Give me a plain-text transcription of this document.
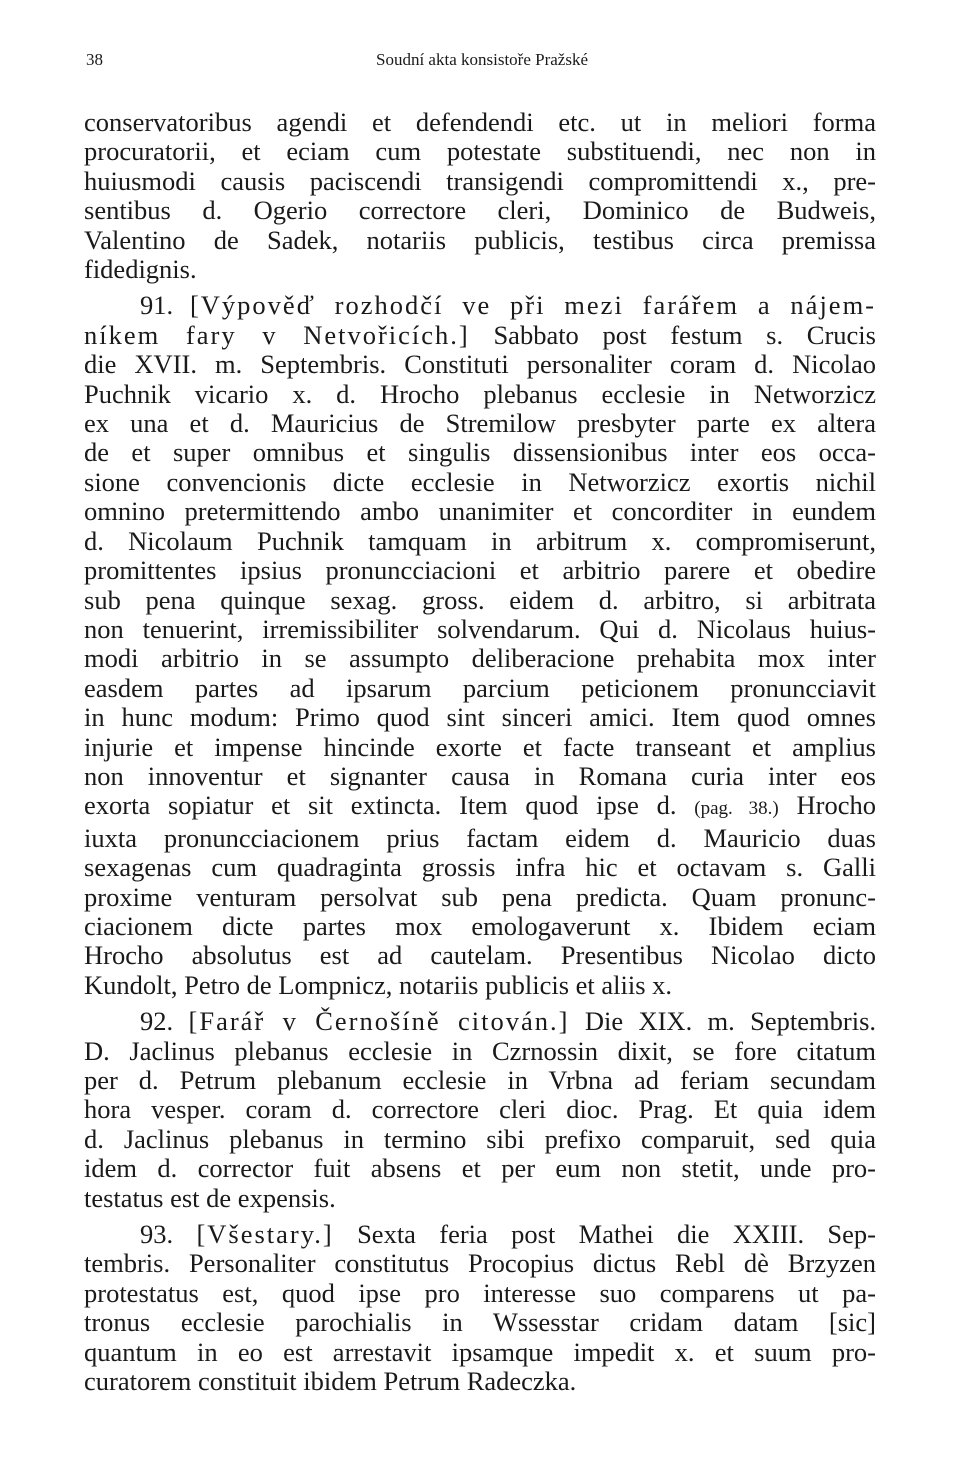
38	Soudní akta konsistoře Pražské
conservatoribus agendi et defendendi etc. ut in meliori forma
procuratorii, et eciam cum potestate substituendi, nec non in
huiusmodi causis paciscendi transigendi compromittendi x., pre-
sentibus d. Ogerio correctore cleri, Dominico de Budweis,
Valentino de Sadek, notariis publicis, testibus circa premissa
fidedignis.
91. [Výpověď rozhodčí ve při mezi farářem a nájem-
níkem fary v Netvořicích.] Sabbato post festum s. Crucis
die XVII. m. Septembris. Constituti personaliter coram d. Nicolao
Puchnik vicario x. d. Hrocho plebanus ecclesie in Networzicz
ex una et d. Mauricius de Stremilow presbyter parte ex altera
de et super omnibus et singulis dissensionibus inter eos occa-
sione convencionis dicte ecclesie in Networzicz exortis nichil
omnino pretermittendo ambo unanimiter et concorditer in eundem
d. Nicolaum Puchnik tamquam in arbitrum x. compromiserunt,
promittentes ipsius pronuncciacioni et arbitrio parere et obedire
sub pena quinque sexag. gross. eidem d. arbitro, si arbitrata
non tenuerint, irremissibiliter solvendarum. Qui d. Nicolaus huius-
modi arbitrio in se assumpto deliberacione prehabita mox inter
easdem partes ad ipsarum parcium peticionem pronuncciavit
in hunc modum: Primo quod sint sinceri amici. Item quod omnes
injurie et impense hincinde exorte et facte transeant et amplius
non innoventur et signanter causa in Romana curia inter eos
exorta sopiatur et sit extincta. Item quod ipse d. (pag. 38.) Hrocho
iuxta pronuncciacionem prius factam eidem d. Mauricio duas
sexagenas cum quadraginta grossis infra hic et octavam s. Galli
proxime venturam persolvat sub pena predicta. Quam pronunc-
ciacionem dicte partes mox emologaverunt x. Ibidem eciam
Hrocho absolutus est ad cautelam. Presentibus Nicolao dicto
Kundolt, Petro de Lompnicz, notariis publicis et aliis x.
92. [Farář v Černošíně citován.] Die XIX. m. Septembris.
D. Jaclinus plebanus ecclesie in Czrnossin dixit, se fore citatum
per d. Petrum plebanum ecclesie in Vrbna ad feriam secundam
hora vesper. coram d. correctore cleri dioc. Prag. Et quia idem
d. Jaclinus plebanus in termino sibi prefixo comparuit, sed quia
idem d. corrector fuit absens et per eum non stetit, unde pro-
testatus est de expensis.
93. [Všestary.] Sexta feria post Mathei die XXIII. Sep-
tembris. Personaliter constitutus Procopius dictus Rebl dè Brzyzen
protestatus est, quod ipse pro interesse suo comparens ut pa-
tronus ecclesie parochialis in Wssesstar cridam datam [sic]
quantum in eo est arrestavit ipsamque impedit x. et suum pro-
curatorem constituit ibidem Petrum Radeczka.
